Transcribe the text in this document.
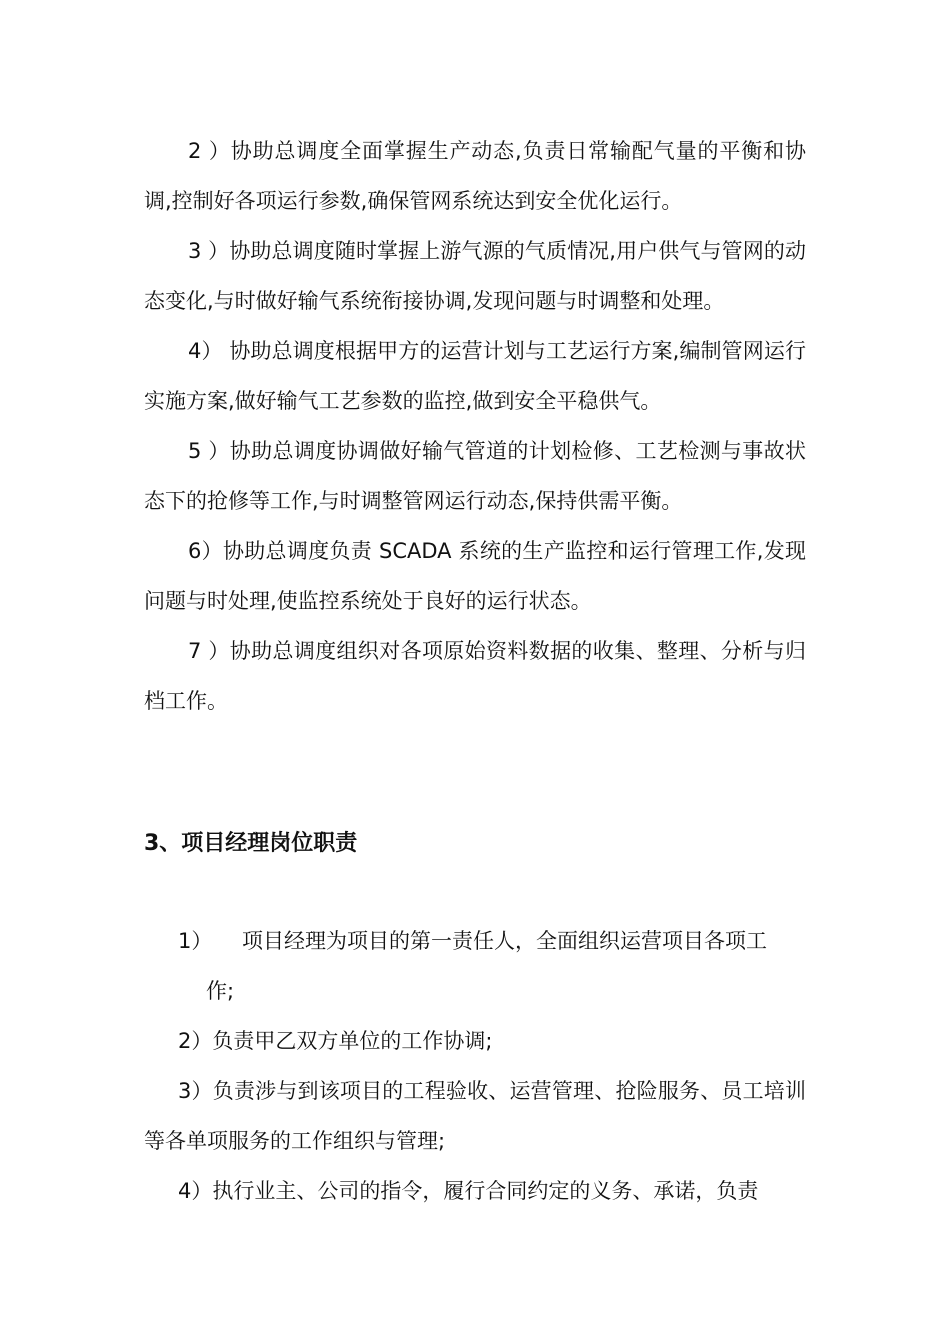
2 ）协助总调度全面掌握生产动态,负责日常输配气量的平衡和协调,控制好各项运行参数,确保管网系统达到安全优化运行。

3 ）协助总调度随时掌握上游气源的气质情况,用户供气与管网的动态变化,与时做好输气系统衔接协调,发现问题与时调整和处理。

4） 协助总调度根据甲方的运营计划与工艺运行方案,编制管网运行实施方案,做好输气工艺参数的监控,做到安全平稳供气。

5 ）协助总调度协调做好输气管道的计划检修、工艺检测与事故状态下的抢修等工作,与时调整管网运行动态,保持供需平衡。

6）协助总调度负责 SCADA 系统的生产监控和运行管理工作,发现问题与时处理,使监控系统处于良好的运行状态。

7 ）协助总调度组织对各项原始资料数据的收集、整理、分析与归档工作。

3、项目经理岗位职责
1） 项目经理为项目的第一责任人，全面组织运营项目各项工
作;

2）负责甲乙双方单位的工作协调;

3）负责涉与到该项目的工程验收、运营管理、抢险服务、员工培训等各单项服务的工作组织与管理;

4）执行业主、公司的指令，履行合同约定的义务、承诺，负责
